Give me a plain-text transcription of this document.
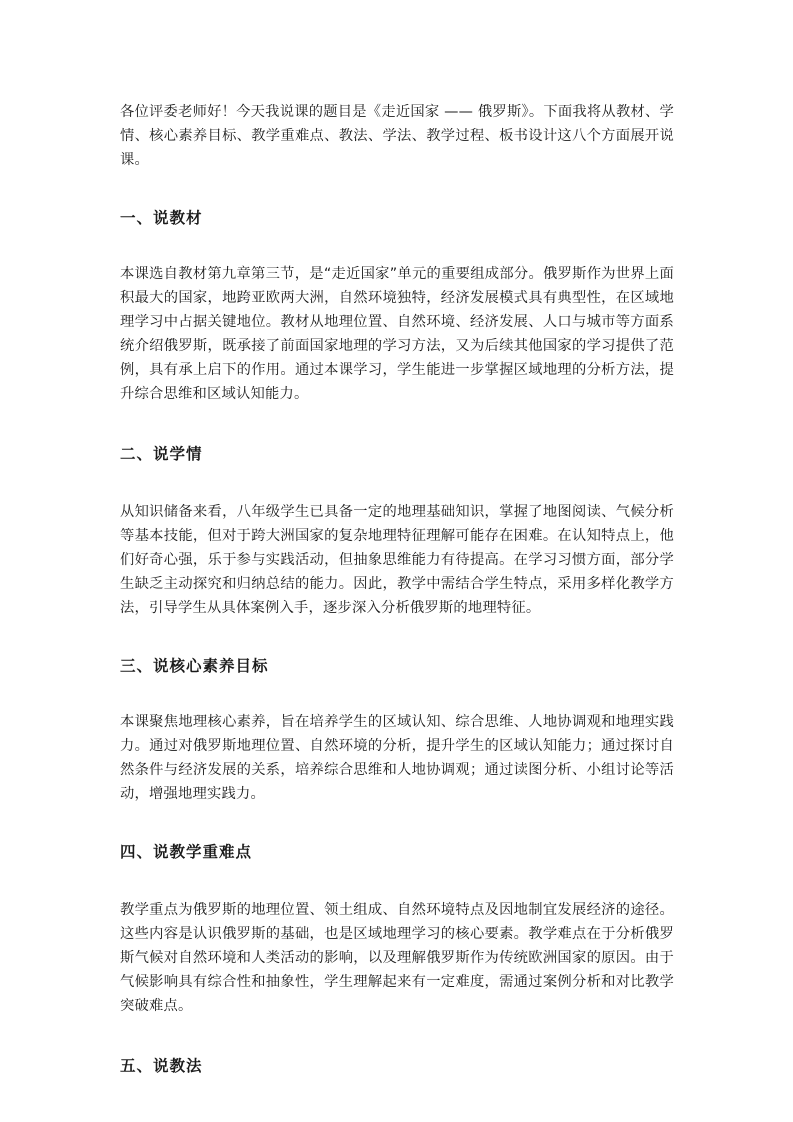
各位评委老师好！今天我说课的题目是《走近国家 —— 俄罗斯》。下面我将从教材、学情、核心素养目标、教学重难点、教法、学法、教学过程、板书设计这八个方面展开说课。

一、说教材

本课选自教材第九章第三节，是“走近国家”单元的重要组成部分。俄罗斯作为世界上面积最大的国家，地跨亚欧两大洲，自然环境独特，经济发展模式具有典型性，在区域地理学习中占据关键地位。教材从地理位置、自然环境、经济发展、人口与城市等方面系统介绍俄罗斯，既承接了前面国家地理的学习方法，又为后续其他国家的学习提供了范例，具有承上启下的作用。通过本课学习，学生能进一步掌握区域地理的分析方法，提升综合思维和区域认知能力。

二、说学情

从知识储备来看，八年级学生已具备一定的地理基础知识，掌握了地图阅读、气候分析等基本技能，但对于跨大洲国家的复杂地理特征理解可能存在困难。在认知特点上，他们好奇心强，乐于参与实践活动，但抽象思维能力有待提高。在学习习惯方面，部分学生缺乏主动探究和归纳总结的能力。因此，教学中需结合学生特点，采用多样化教学方法，引导学生从具体案例入手，逐步深入分析俄罗斯的地理特征。

三、说核心素养目标

本课聚焦地理核心素养，旨在培养学生的区域认知、综合思维、人地协调观和地理实践力。通过对俄罗斯地理位置、自然环境的分析，提升学生的区域认知能力；通过探讨自然条件与经济发展的关系，培养综合思维和人地协调观；通过读图分析、小组讨论等活动，增强地理实践力。

四、说教学重难点

教学重点为俄罗斯的地理位置、领土组成、自然环境特点及因地制宜发展经济的途径。这些内容是认识俄罗斯的基础，也是区域地理学习的核心要素。教学难点在于分析俄罗斯气候对自然环境和人类活动的影响，以及理解俄罗斯作为传统欧洲国家的原因。由于气候影响具有综合性和抽象性，学生理解起来有一定难度，需通过案例分析和对比教学突破难点。

五、说教法
